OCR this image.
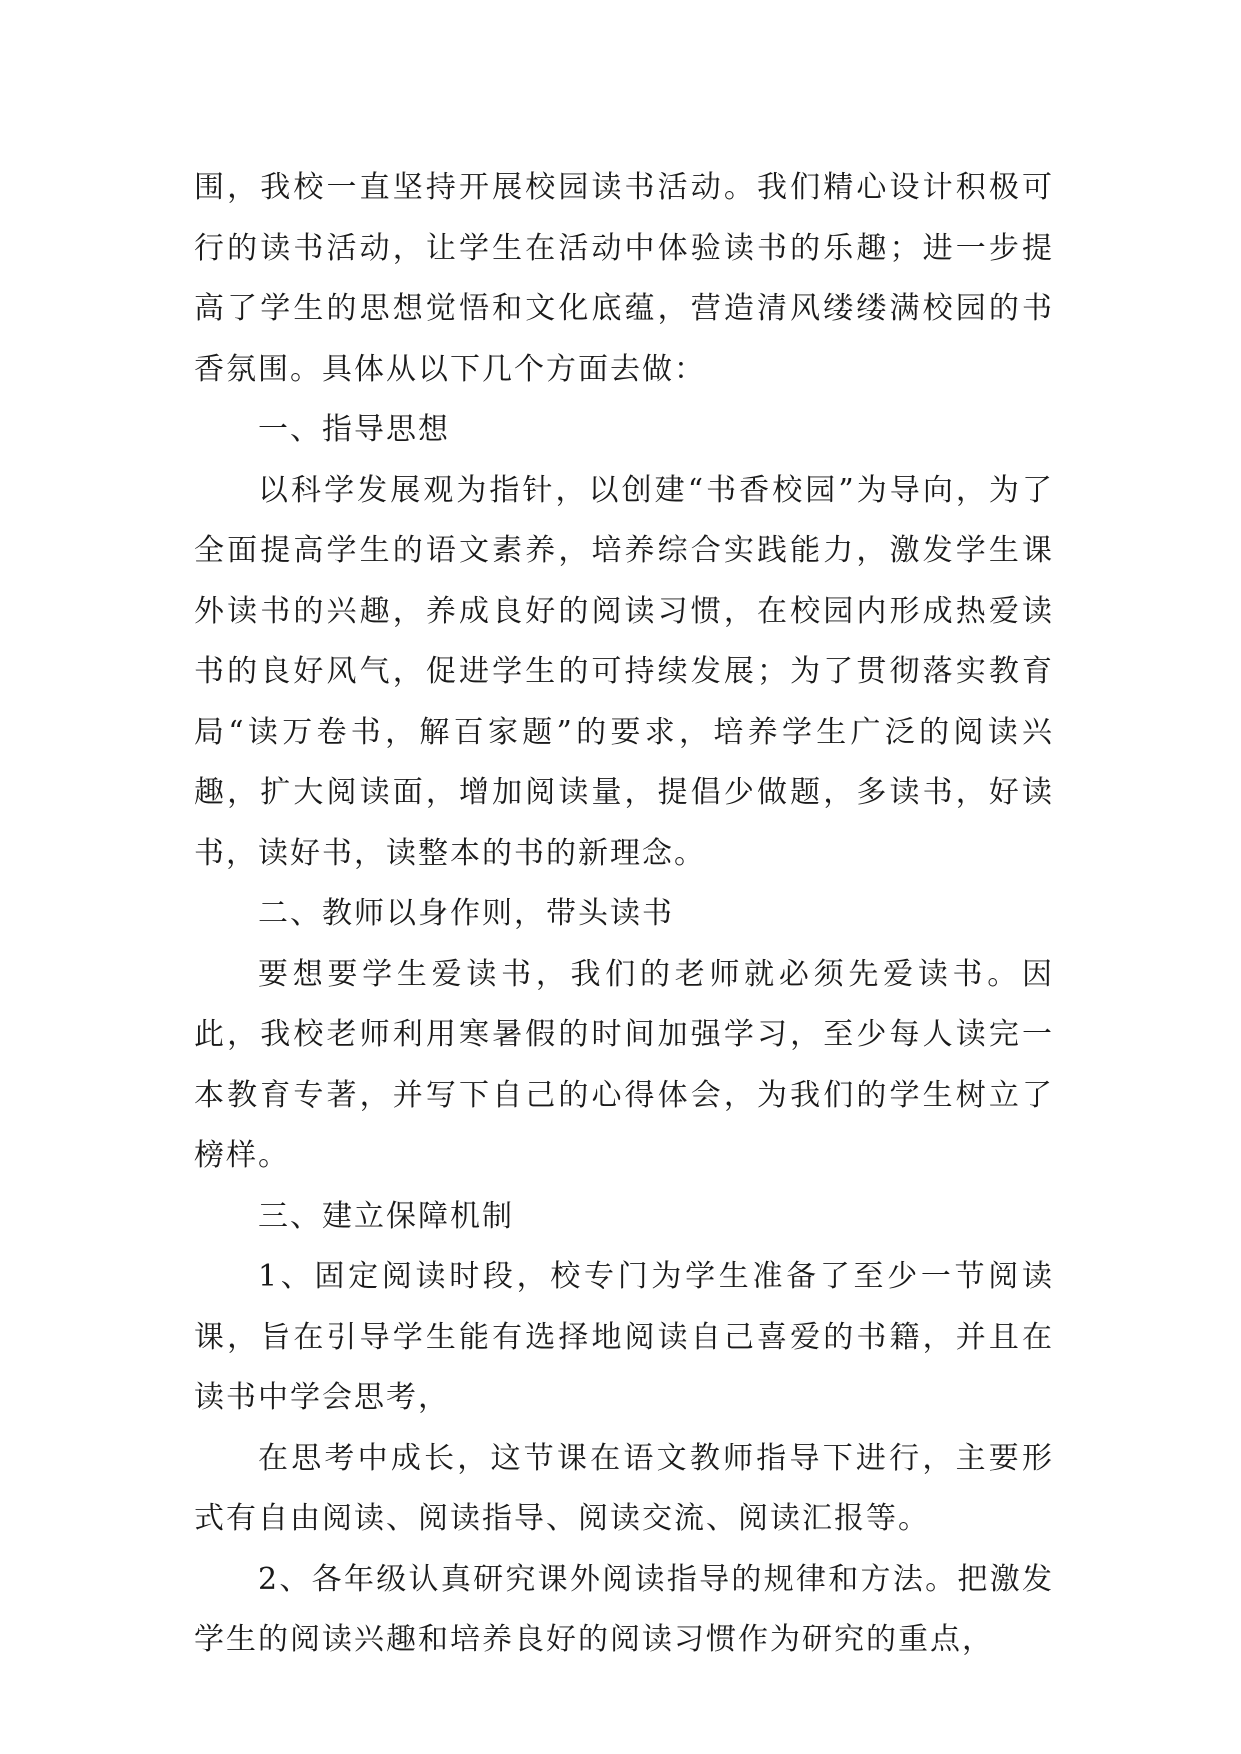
围，我校一直坚持开展校园读书活动。我们精心设计积极可行的读书活动，让学生在活动中体验读书的乐趣；进一步提高了学生的思想觉悟和文化底蕴，营造清风缕缕满校园的书香氛围。具体从以下几个方面去做：

一、指导思想

以科学发展观为指针，以创建“书香校园”为导向，为了全面提高学生的语文素养，培养综合实践能力，激发学生课外读书的兴趣，养成良好的阅读习惯，在校园内形成热爱读书的良好风气，促进学生的可持续发展；为了贯彻落实教育局“读万卷书，解百家题”的要求，培养学生广泛的阅读兴趣，扩大阅读面，增加阅读量，提倡少做题，多读书，好读书，读好书，读整本的书的新理念。

二、教师以身作则，带头读书

要想要学生爱读书，我们的老师就必须先爱读书。因此，我校老师利用寒暑假的时间加强学习，至少每人读完一本教育专著，并写下自己的心得体会，为我们的学生树立了榜样。

三、建立保障机制

1、固定阅读时段，校专门为学生准备了至少一节阅读课，旨在引导学生能有选择地阅读自己喜爱的书籍，并且在读书中学会思考，

在思考中成长，这节课在语文教师指导下进行，主要形式有自由阅读、阅读指导、阅读交流、阅读汇报等。

2、各年级认真研究课外阅读指导的规律和方法。把激发学生的阅读兴趣和培养良好的阅读习惯作为研究的重点，
